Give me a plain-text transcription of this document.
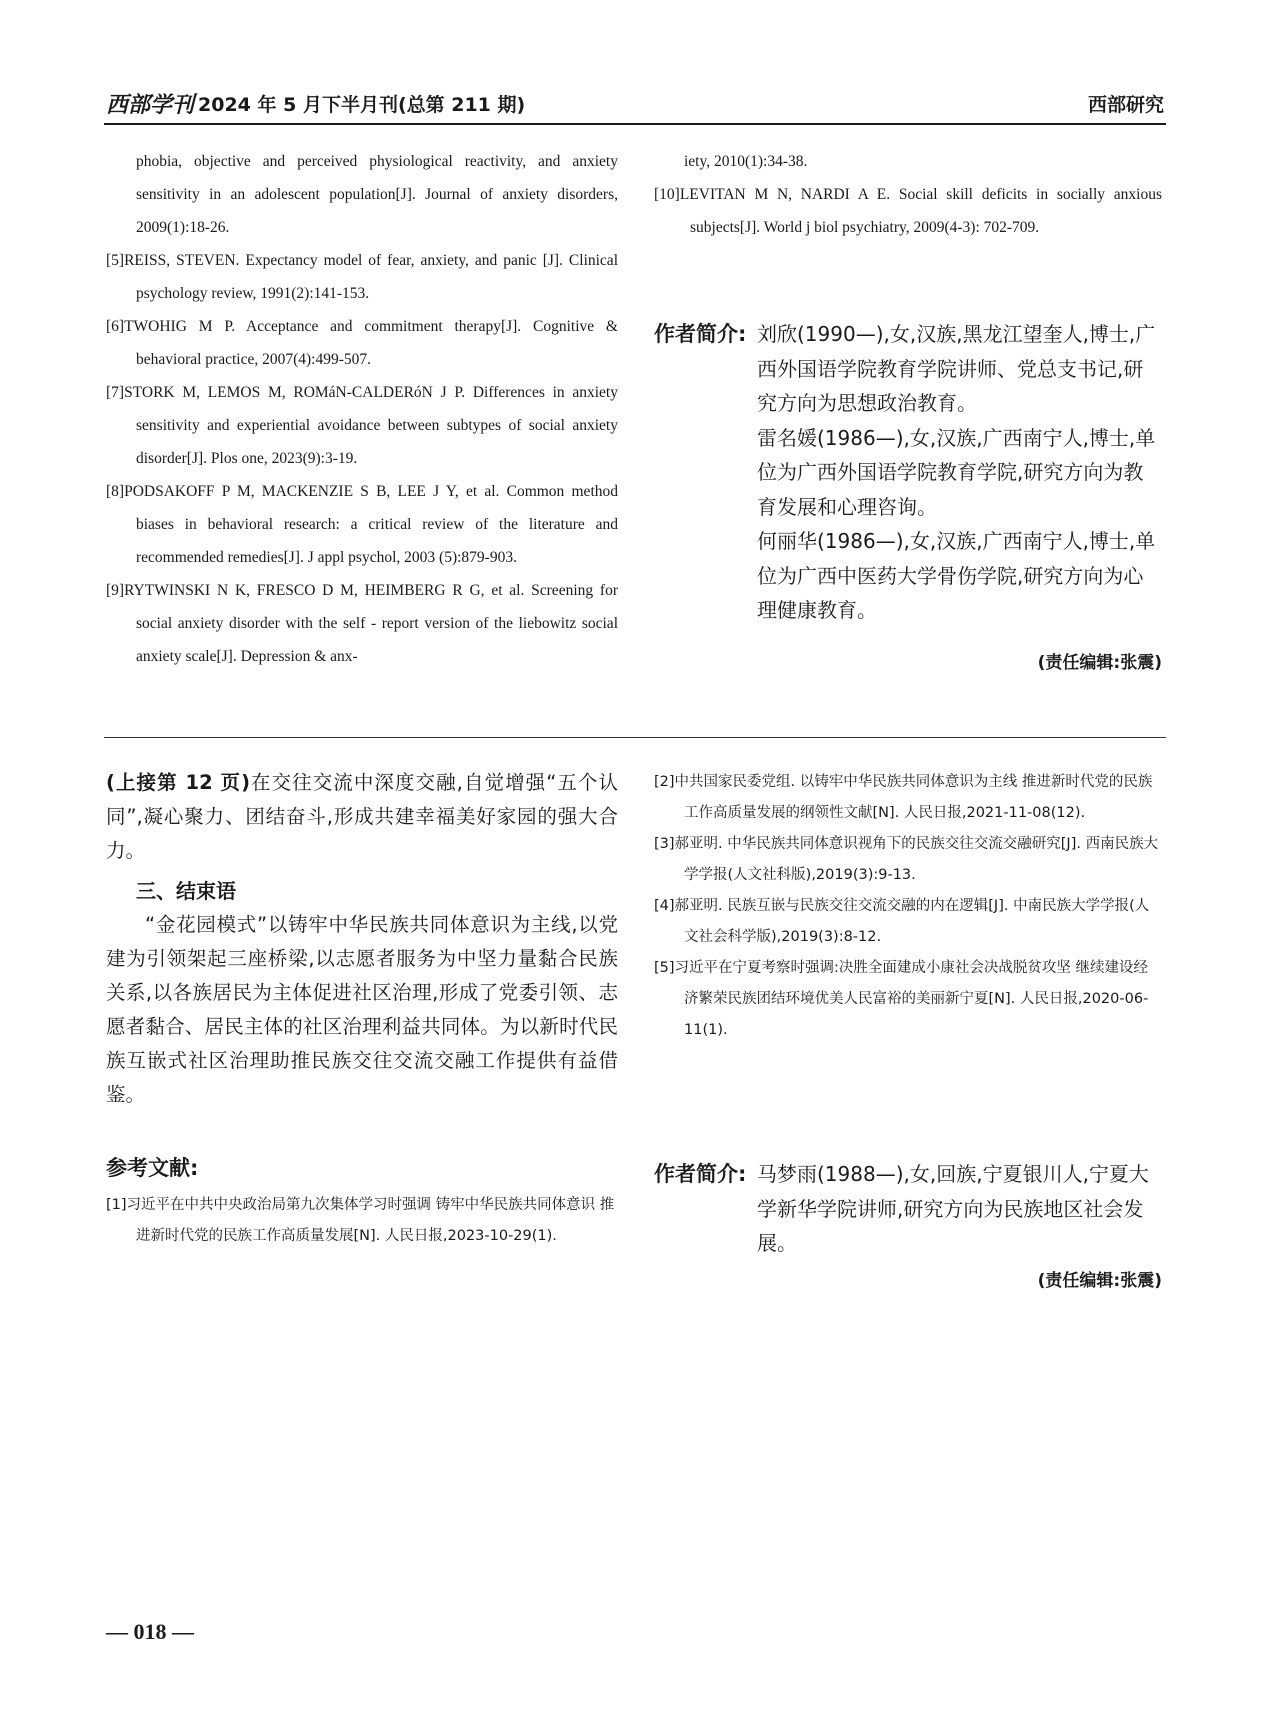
西部学刊 2024 年 5 月下半月刊(总第 211 期)	西部研究
phobia, objective and perceived physiological reactivity, and anxiety sensitivity in an adolescent population[J]. Journal of anxiety disorders, 2009(1):18-26.
[5]REISS, STEVEN. Expectancy model of fear, anxiety, and panic [J]. Clinical psychology review, 1991(2):141-153.
[6]TWOHIG M P. Acceptance and commitment therapy[J]. Cognitive & behavioral practice, 2007(4):499-507.
[7]STORK M, LEMOS M, ROMáN-CALDERóN J P. Differences in anxiety sensitivity and experiential avoidance between subtypes of social anxiety disorder[J]. Plos one, 2023(9):3-19.
[8]PODSAKOFF P M, MACKENZIE S B, LEE J Y, et al. Common method biases in behavioral research: a critical review of the literature and recommended remedies[J]. J appl psychol, 2003 (5):879-903.
[9]RYTWINSKI N K, FRESCO D M, HEIMBERG R G, et al. Screening for social anxiety disorder with the self - report version of the liebowitz social anxiety scale[J]. Depression & anx-
iety, 2010(1):34-38.
[10]LEVITAN M N, NARDI A E. Social skill deficits in socially anxious subjects[J]. World j biol psychiatry, 2009(4-3): 702-709.
作者简介: 刘欣(1990—),女,汉族,黑龙江望奎人,博士,广西外国语学院教育学院讲师、党总支书记,研究方向为思想政治教育。
雷名媛(1986—),女,汉族,广西南宁人,博士,单位为广西外国语学院教育学院,研究方向为教育发展和心理咨询。
何丽华(1986—),女,汉族,广西南宁人,博士,单位为广西中医药大学骨伤学院,研究方向为心理健康教育。
(责任编辑:张震)

(上接第 12 页)在交往交流中深度交融,自觉增强“五个认同”,凝心聚力、团结奋斗,形成共建幸福美好家园的强大合力。

三、结束语

“金花园模式”以铸牢中华民族共同体意识为主线,以党建为引领架起三座桥梁,以志愿者服务为中坚力量黏合民族关系,以各族居民为主体促进社区治理,形成了党委引领、志愿者黏合、居民主体的社区治理利益共同体。为以新时代民族互嵌式社区治理助推民族交往交流交融工作提供有益借鉴。

参考文献:
[1]习近平在中共中央政治局第九次集体学习时强调 铸牢中华民族共同体意识 推进新时代党的民族工作高质量发展[N]. 人民日报,2023-10-29(1).
[2]中共国家民委党组. 以铸牢中华民族共同体意识为主线 推进新时代党的民族工作高质量发展的纲领性文献[N]. 人民日报,2021-11-08(12).
[3]郝亚明. 中华民族共同体意识视角下的民族交往交流交融研究[J]. 西南民族大学学报(人文社科版),2019(3):9-13.
[4]郝亚明. 民族互嵌与民族交往交流交融的内在逻辑[J]. 中南民族大学学报(人文社会科学版),2019(3):8-12.
[5]习近平在宁夏考察时强调:决胜全面建成小康社会决战脱贫攻坚 继续建设经济繁荣民族团结环境优美人民富裕的美丽新宁夏[N]. 人民日报,2020-06-11(1).
作者简介: 马梦雨(1988—),女,回族,宁夏银川人,宁夏大学新华学院讲师,研究方向为民族地区社会发展。
(责任编辑:张震)
— 018 —
